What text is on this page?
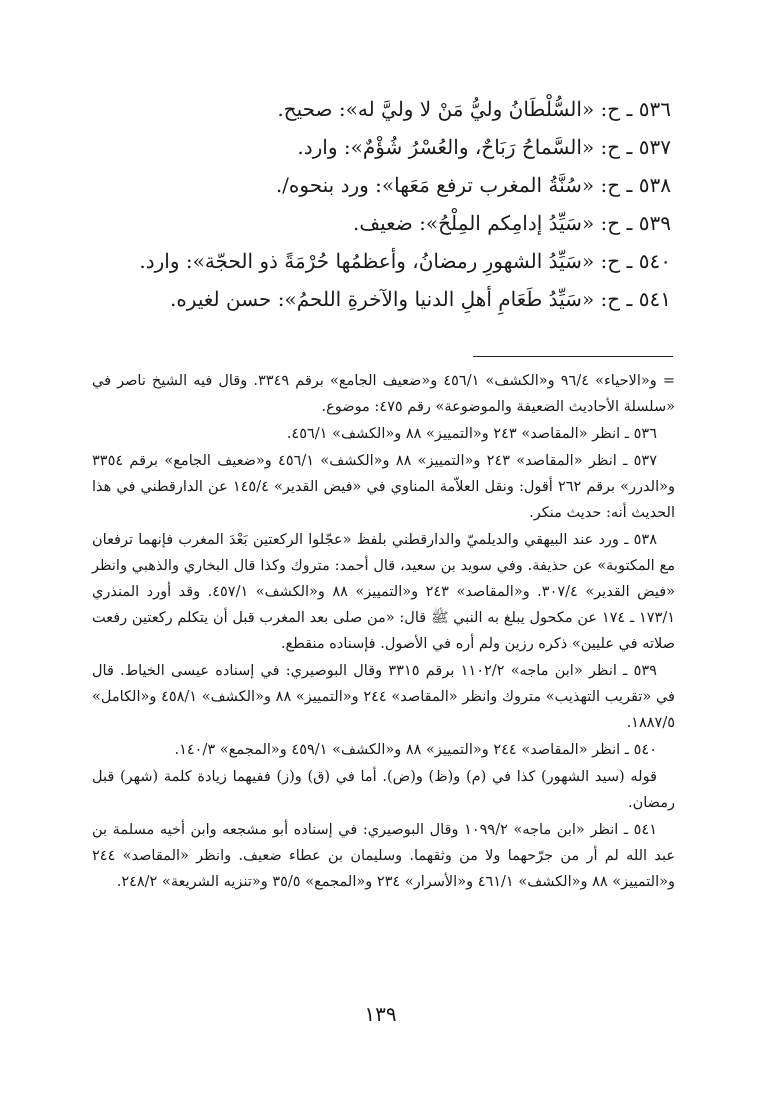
٥٣٦ ـ ح: «السُّلْطَانُ وليُّ مَنْ لا وليَّ له»: صحيح.
٥٣٧ ـ ح: «السَّماحُ رَبَاحٌ، والعُسْرُ شُؤْمٌ»: وارد.
٥٣٨ ـ ح: «سُنَّةُ المغرب ترفع مَعَها»: ورد بنحوه/.
٥٣٩ ـ ح: «سَيِّدُ إدامِكم المِلْحُ»: ضعيف.
٥٤٠ ـ ح: «سَيِّدُ الشهورِ رمضانُ، وأعظمُها حُرْمَةً ذو الحجّة»: وارد.
٥٤١ ـ ح: «سَيِّدُ طَعَامِ أهلِ الدنيا والآخرةِ اللحمُ»: حسن لغيره.

= و«الاحياء» ٩٦/٤ و«الكشف» ٤٥٦/١ و«ضعيف الجامع» برقم ٣٣٤٩. وقال فيه الشيخ ناصر في «سلسلة الأحاديث الضعيفة والموضوعة» رقم ٤٧٥: موضوع.

٥٣٦ ـ انظر «المقاصد» ٢٤٣ و«التمييز» ٨٨ و«الكشف» ٤٥٦/١.

٥٣٧ ـ انظر «المقاصد» ٢٤٣ و«التمييز» ٨٨ و«الكشف» ٤٥٦/١ و«ضعيف الجامع» برقم ٣٣٥٤ و«الدرر» برقم ٢٦٢ أقول: ونقل العلاّمة المناوي في «فيض القدير» ١٤٥/٤ عن الدارقطني في هذا الحديث أنه: حديث منكر.

٥٣٨ ـ ورد عند البيهقي والديلميّ والدارقطني بلفظ «عجّلوا الركعتين بَعْدَ المغرب فإنهما ترفعان مع المكتوبة» عن حذيفة. وفي سويد بن سعيد، قال أحمد: متروك وكذا قال البخاري والذهبي وانظر «فيض القدير» ٣٠٧/٤. و«المقاصد» ٢٤٣ و«التمييز» ٨٨ و«الكشف» ٤٥٧/١. وقد أورد المنذري ١٧٣/١ ـ ١٧٤ عن مكحول يبلغ به النبي ﷺ قال: «من صلى بعد المغرب قبل أن يتكلم ركعتين رفعت صلاته في عليين» ذكره رزين ولم أره في الأصول. فإسناده منقطع.

٥٣٩ ـ انظر «ابن ماجه» ١١٠٢/٢ برقم ٣٣١٥ وقال البوصيري: في إسناده عيسى الخياط. قال في «تقريب التهذيب» متروك وانظر «المقاصد» ٢٤٤ و«التمييز» ٨٨ و«الكشف» ٤٥٨/١ و«الكامل» ١٨٨٧/٥.

٥٤٠ ـ انظر «المقاصد» ٢٤٤ و«التمييز» ٨٨ و«الكشف» ٤٥٩/١ و«المجمع» ١٤٠/٣.

قوله (سيد الشهور) كذا في (م) و(ظ) و(ض). أما في (ق) و(ز) ففيهما زيادة كلمة (شهر) قبل رمضان.

٥٤١ ـ انظر «ابن ماجه» ١٠٩٩/٢ وقال البوصيري: في إسناده أبو مشجعه وابن أخيه مسلمة بن عبد الله لم أر من جرّحهما ولا من وثقهما. وسليمان بن عطاء ضعيف. وانظر «المقاصد» ٢٤٤ و«التمييز» ٨٨ و«الكشف» ٤٦١/١ و«الأسرار» ٢٣٤ و«المجمع» ٣٥/٥ و«تنزيه الشريعة» ٢٤٨/٢.

١٣٩
